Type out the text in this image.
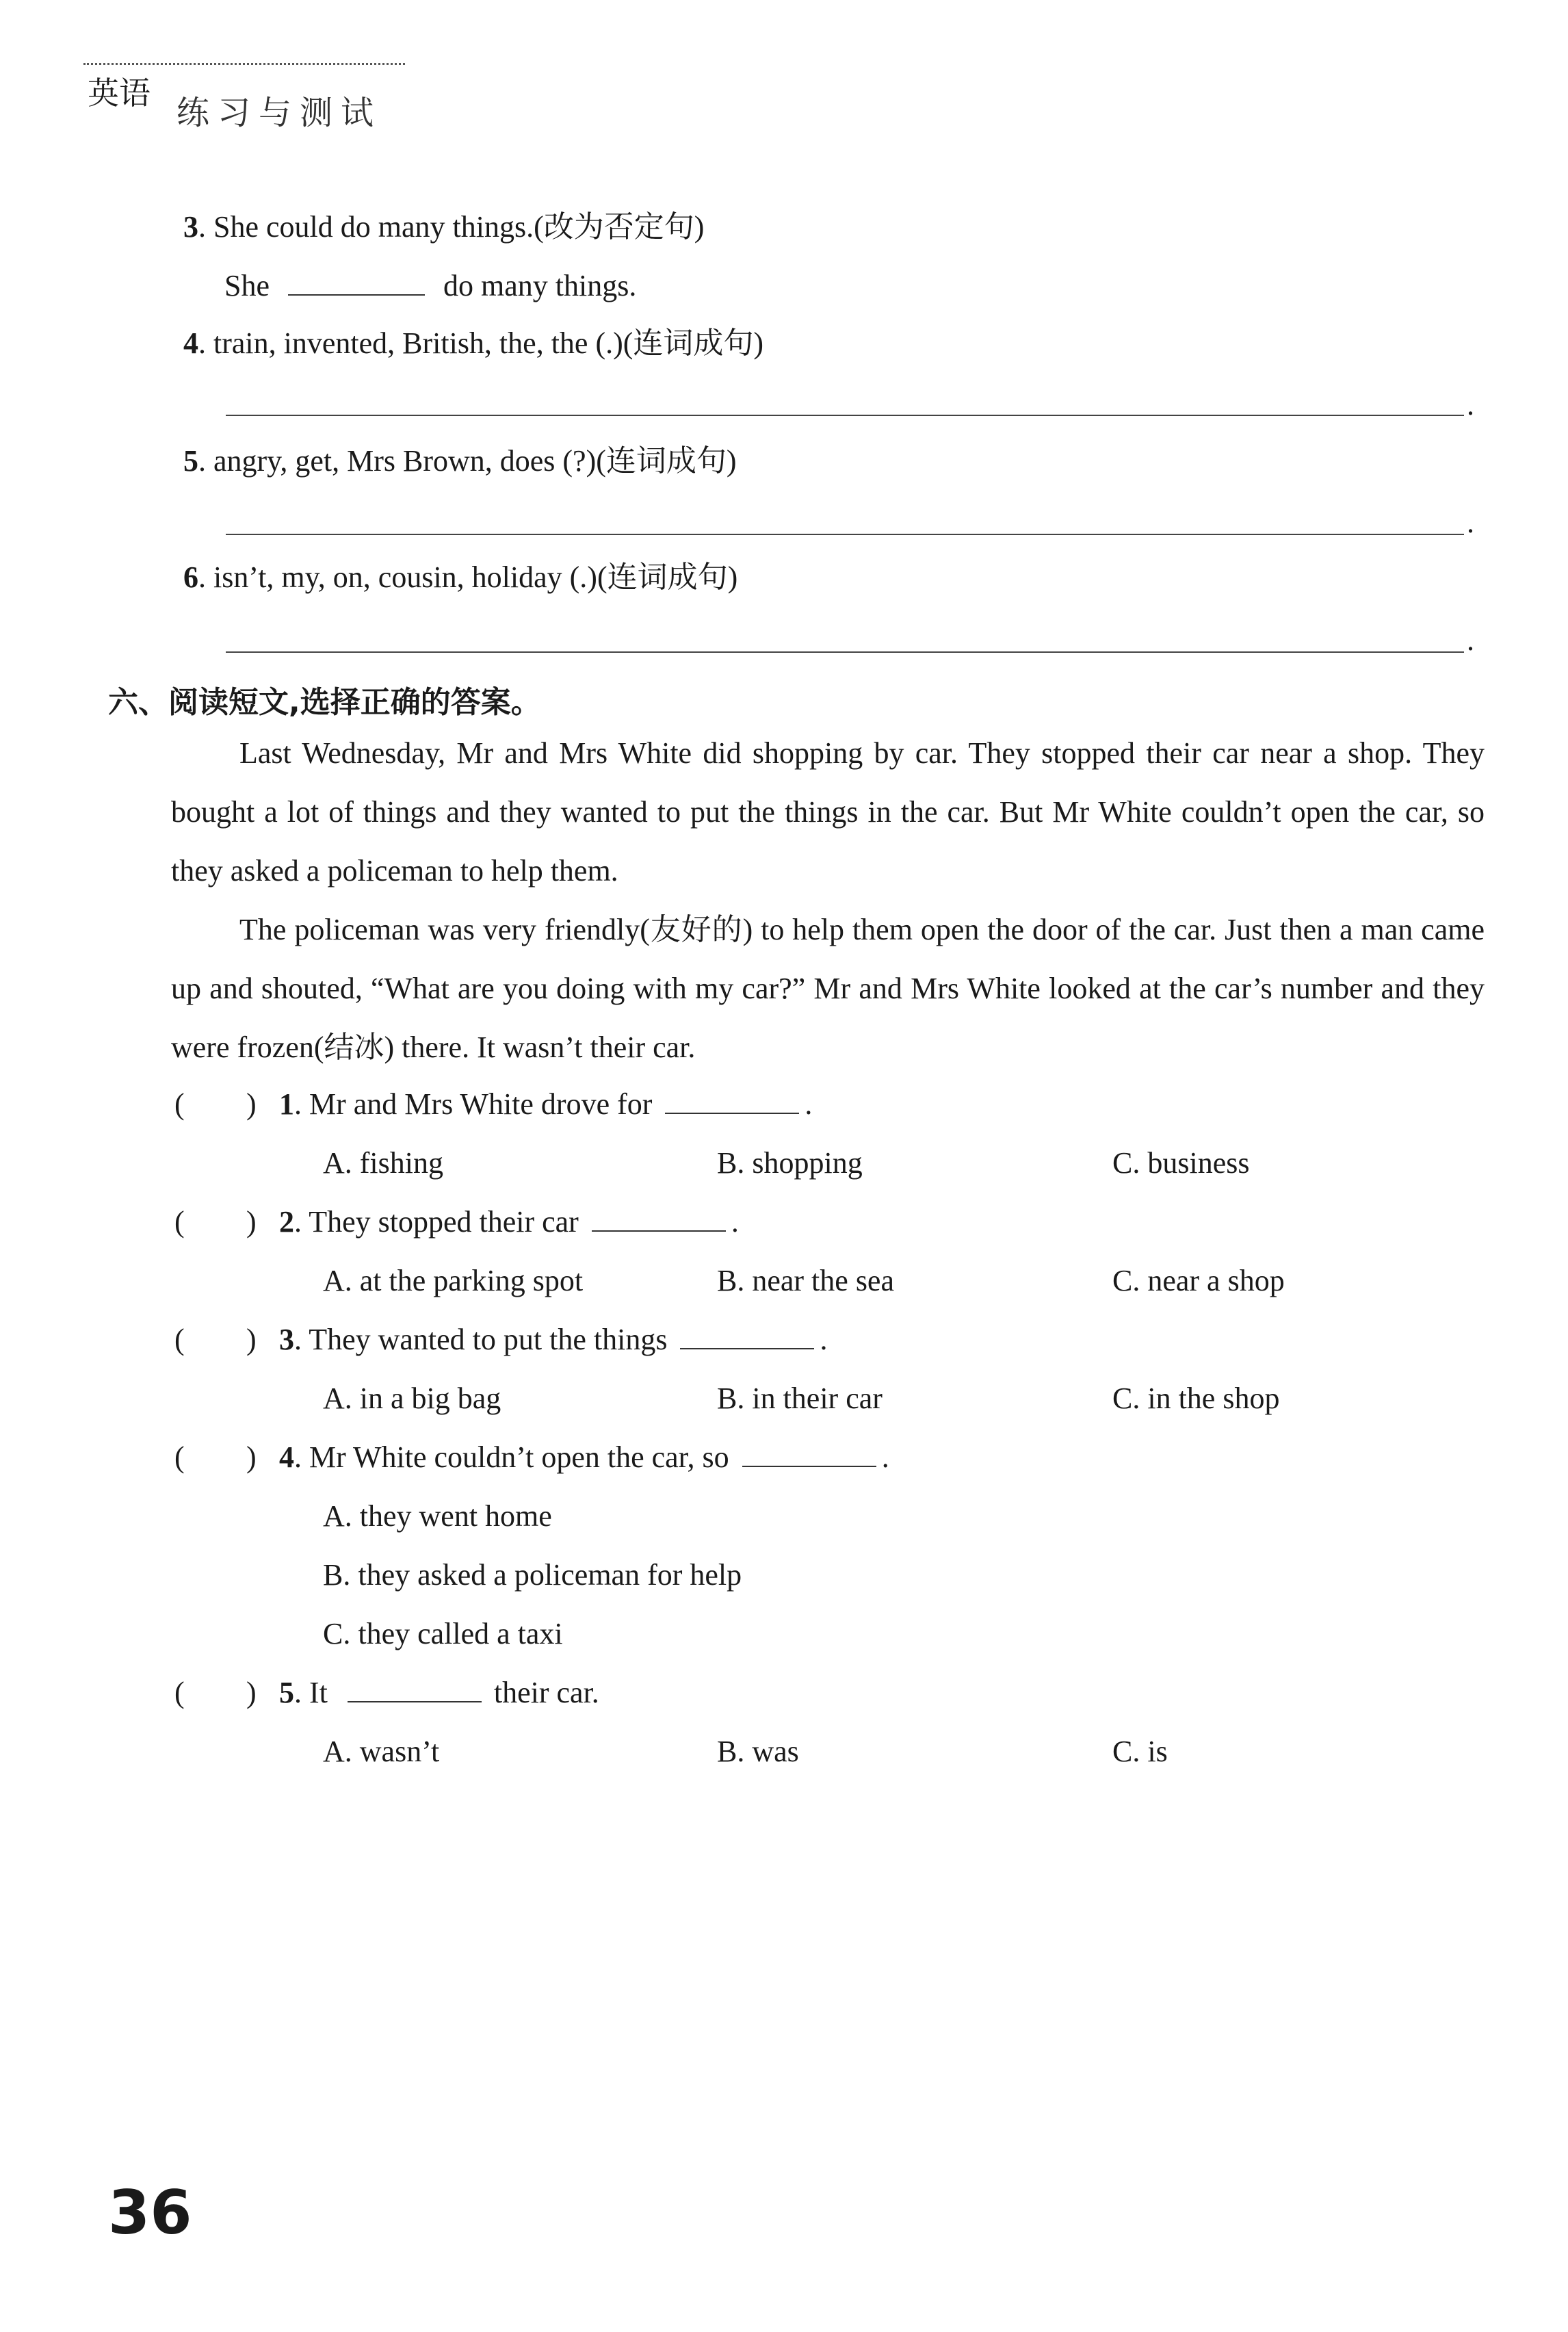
英语
练习与测试
3. She could do many things.(改为否定句)
She	do many things.
4. train, invented, British, the, the (.)(连词成句)
.
5. angry, get, Mrs Brown, does (?)(连词成句)
.
6. isn’t, my, on, cousin, holiday (.)(连词成句)
.
六、阅读短文,选择正确的答案。
Last Wednesday, Mr and Mrs White did shopping by car. They stopped their car near a shop. They bought a lot of things and they wanted to put the things in the car. But Mr White couldn’t open the car, so they asked a policeman to help them.
The policeman was very friendly(友好的) to help them open the door of the car. Just then a man came up and shouted, “What are you doing with my car?” Mr and Mrs White looked at the car’s number and they were frozen(结冰) there. It wasn’t their car.
( ) 1. Mr and Mrs White drove for	.
A. fishing	B. shopping	C. business
( ) 2. They stopped their car	.
A. at the parking spot	B. near the sea	C. near a shop
( ) 3. They wanted to put the things	.
A. in a big bag	B. in their car	C. in the shop
( ) 4. Mr White couldn’t open the car, so	.
A. they went home
B. they asked a policeman for help
C. they called a taxi
( ) 5. It	their car.
A. wasn’t	B. was	C. is
36
